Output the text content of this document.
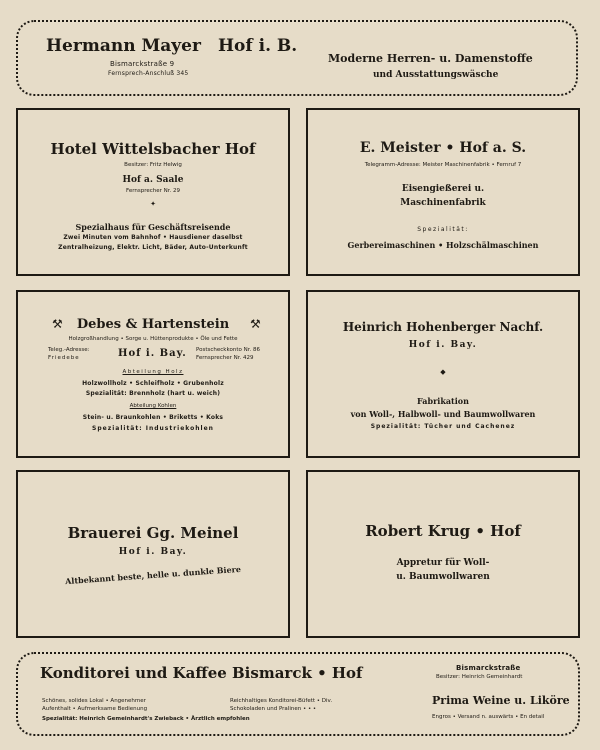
Hermann Mayer Hof i. B.
Bismarckstraße 9
Fernsprech-Anschluß 345
Moderne Herren- u. Damenstoffe
und Ausstattungswäsche
Hotel Wittelsbacher Hof
Besitzer: Fritz Helwig
Hof a. Saale
Fernsprecher Nr. 29
✦
Spezialhaus für Geschäftsreisende
Zwei Minuten vom Bahnhof • Hausdiener daselbst
Zentralheizung, Elektr. Licht, Bäder, Auto-Unterkunft
E. Meister • Hof a. S.
Telegramm-Adresse: Meister Maschinenfabrik • Fernruf 7
Eisengießerei u.
Maschinenfabrik
Spezialität:
Gerbereimaschinen • Holzschälmaschinen
⚒	⚒
Debes & Hartenstein
Holzgroßhandlung • Sorge u. Hüttenprodukte • Öle und Fette
Teleg.-Adresse:
Friedebe	Hof i. Bay. Postscheckkonto Nr. 86
Fernsprecher Nr. 429
Abteilung Holz
Holzwollholz • Schleifholz • Grubenholz
Spezialität: Brennholz (hart u. weich)
Abteilung Kohlen
Stein- u. Braunkohlen • Briketts • Koks
Spezialität: Industriekohlen
Heinrich Hohenberger Nachf.
Hof i. Bay.
◆
Fabrikation
von Woll-, Halbwoll- und Baumwollwaren
Spezialität: Tücher und Cachenez
Brauerei Gg. Meinel
Hof i. Bay.
Altbekannt beste, helle u. dunkle Biere
Robert Krug • Hof
Appretur für Woll-
u. Baumwollwaren
Konditorei und Kaffee Bismarck • Hof	Bismarckstraße
Besitzer: Heinrich Gemeinhardt
Schönes, solides Lokal • Angenehmer
Aufenthalt • Aufmerksame Bedienung
Reichhaltiges Konditorei-Büfett • Div.
Schokoladen und Pralinen • • •
Spezialität: Heinrich Gemeinhardt's Zwieback • Ärztlich empfohlen
Prima Weine u. Liköre
Engros • Versand n. auswärts • En detail
